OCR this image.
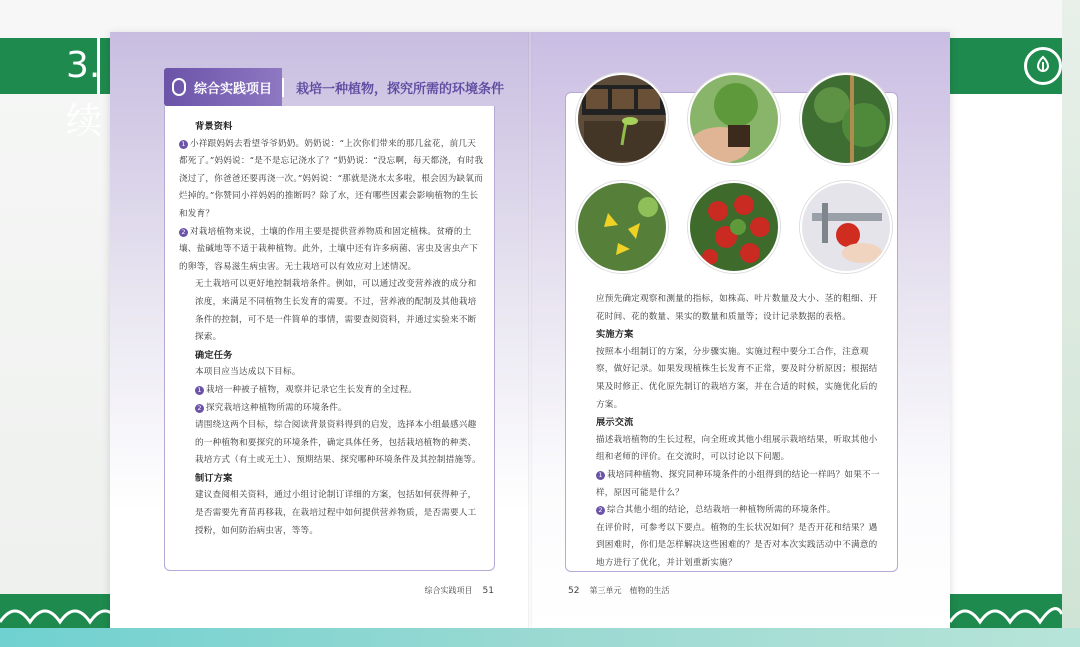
3. 续
综合实践项目	栽培一种植物，探究所需的环境条件
背景资料
1 小祥跟妈妈去看望爷爷奶奶。奶奶说：“上次你们带来的那几盆花，前几天都死了。”妈妈说：“是不是忘记浇水了？”奶奶说：“没忘啊，每天都浇，有时我浇过了，你爸爸还要再浇一次。”妈妈说：“那就是浇水太多啦，根会因为缺氧而烂掉的。”你赞同小祥妈妈的推断吗？除了水，还有哪些因素会影响植物的生长和发育？
2 对栽培植物来说，土壤的作用主要是提供营养物质和固定植株。贫瘠的土壤、盐碱地等不适于栽种植物。此外，土壤中还有许多病菌、害虫及害虫产下的卵等，容易滋生病虫害。无土栽培可以有效应对上述情况。
无土栽培可以更好地控制栽培条件。例如，可以通过改变营养液的成分和浓度，来满足不同植物生长发育的需要。不过，营养液的配制及其他栽培条件的控制，可不是一件简单的事情，需要查阅资料，并通过实验来不断探索。
确定任务
本项目应当达成以下目标。
1 栽培一种被子植物，观察并记录它生长发育的全过程。
2 探究栽培这种植物所需的环境条件。
请围绕这两个目标，综合阅读背景资料得到的启发，选择本小组最感兴趣的一种植物和要探究的环境条件，确定具体任务，包括栽培植物的种类、栽培方式（有土或无土）、预期结果、探究哪种环境条件及其控制措施等。
制订方案
建议查阅相关资料，通过小组讨论制订详细的方案，包括如何获得种子，是否需要先育苗再移栽，在栽培过程中如何提供营养物质，是否需要人工授粉，如何防治病虫害，等等。
综合实践项目 51
应预先确定观察和测量的指标，如株高、叶片数量及大小、茎的粗细、开花时间、花的数量、果实的数量和质量等；设计记录数据的表格。
实施方案
按照本小组制订的方案，分步骤实施。实施过程中要分工合作，注意观察，做好记录。如果发现植株生长发育不正常，要及时分析原因；根据结果及时修正、优化原先制订的栽培方案，并在合适的时候，实施优化后的方案。
展示交流
描述栽培植物的生长过程，向全班或其他小组展示栽培结果，听取其他小组和老师的评价。在交流时，可以讨论以下问题。
1 栽培同种植物、探究同种环境条件的小组得到的结论一样吗？如果不一样，原因可能是什么？
2 综合其他小组的结论，总结栽培一种植物所需的环境条件。
在评价时，可参考以下要点。植物的生长状况如何？是否开花和结果？遇到困难时，你们是怎样解决这些困难的？是否对本次实践活动中不满意的地方进行了优化，并计划重新实施？
52 第三单元　植物的生活
